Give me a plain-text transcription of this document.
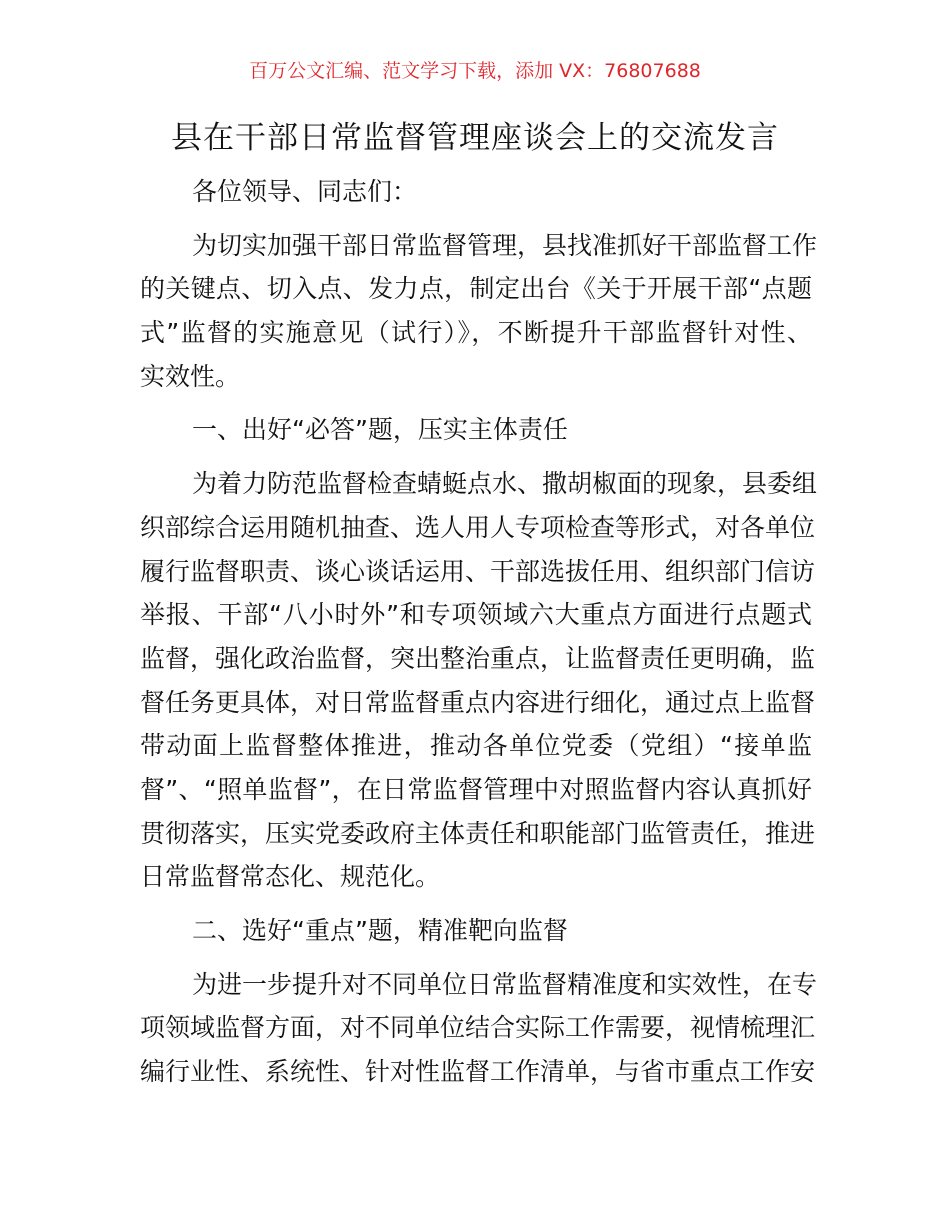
百万公文汇编、范文学习下载，添加 VX：76807688
县在干部日常监督管理座谈会上的交流发言
各位领导、同志们：
为切实加强干部日常监督管理，县找准抓好干部监督工作
的关键点、切入点、发力点，制定出台《关于开展干部“点题
式”监督的实施意见（试行）》，不断提升干部监督针对性、
实效性。
一、出好“必答”题，压实主体责任
为着力防范监督检查蜻蜓点水、撒胡椒面的现象，县委组
织部综合运用随机抽查、选人用人专项检查等形式，对各单位
履行监督职责、谈心谈话运用、干部选拔任用、组织部门信访
举报、干部“八小时外”和专项领域六大重点方面进行点题式
监督，强化政治监督，突出整治重点，让监督责任更明确，监
督任务更具体，对日常监督重点内容进行细化，通过点上监督
带动面上监督整体推进，推动各单位党委（党组）“接单监
督”、“照单监督”，在日常监督管理中对照监督内容认真抓好
贯彻落实，压实党委政府主体责任和职能部门监管责任，推进
日常监督常态化、规范化。
二、选好“重点”题，精准靶向监督
为进一步提升对不同单位日常监督精准度和实效性，在专
项领域监督方面，对不同单位结合实际工作需要，视情梳理汇
编行业性、系统性、针对性监督工作清单，与省市重点工作安
